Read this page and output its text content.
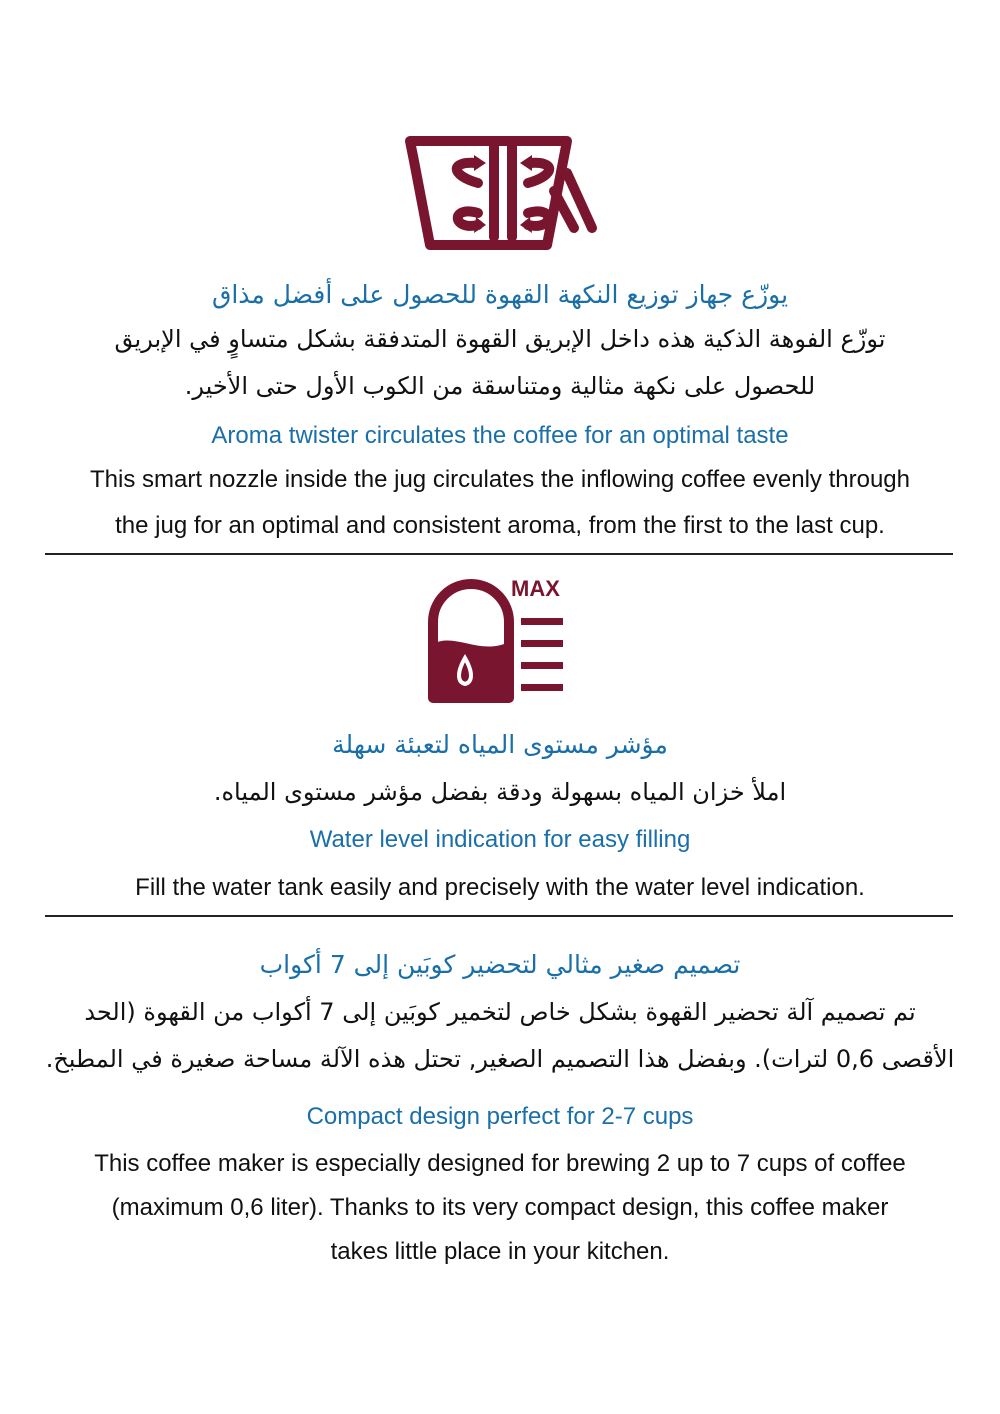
يوزّع جهاز توزيع النكهة القهوة للحصول على أفضل مذاق
توزّع الفوهة الذكية هذه داخل الإبريق القهوة المتدفقة بشكل متساوٍ في الإبريق
للحصول على نكهة مثالية ومتناسقة من الكوب الأول حتى الأخير.
Aroma twister circulates the coffee for an optimal taste
This smart nozzle inside the jug circulates the inflowing coffee evenly through
the jug for an optimal and consistent aroma, from the first to the last cup.
MAX
مؤشر مستوى المياه لتعبئة سهلة
املأ خزان المياه بسهولة ودقة بفضل مؤشر مستوى المياه.
Water level indication for easy filling
Fill the water tank easily and precisely with the water level indication.
تصميم صغير مثالي لتحضير كوبَين إلى 7 أكواب
تم تصميم آلة تحضير القهوة بشكل خاص لتخمير كوبَين إلى 7 أكواب من القهوة (الحد
الأقصى 0,6 لترات). وبفضل هذا التصميم الصغير, تحتل هذه الآلة مساحة صغيرة في المطبخ.
Compact design perfect for 2-7 cups
This coffee maker is especially designed for brewing 2 up to 7 cups of coffee
(maximum 0,6 liter). Thanks to its very compact design, this coffee maker
takes little place in your kitchen.
